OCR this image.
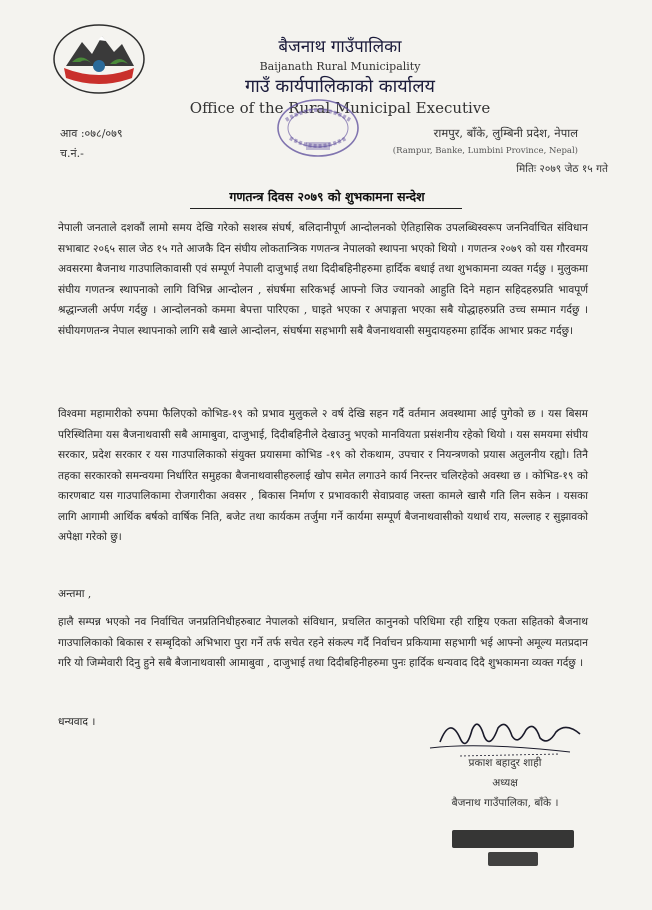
बैजनाथ गाउँपालिका
Baijanath Rural Municipality
गाउँ कार्यपालिकाको कार्यालय
Office of the Rural Municipal Executive
आव :०७८/०७९
च.नं.-
रामपुर, बाँके, लुम्बिनी प्रदेश, नेपाल
(Rampur, Banke, Lumbini Province, Nepal)
मितिः २०७९ जेठ १५ गते
गणतन्त्र दिवस २०७९ को शुभकामना सन्देश
नेपाली जनताले दशकौं लामो समय देखि गरेको सशस्त्र संघर्ष, बलिदानीपूर्ण आन्दोलनको ऐतिहासिक उपलब्धिस्वरूप जननिर्वाचित संविधान सभाबाट २०६५ साल जेठ १५ गते आजकै दिन संघीय लोकतान्त्रिक गणतन्त्र नेपालको स्थापना भएको थियो । गणतन्त्र २०७९ को यस गौरवमय अवसरमा बैजनाथ गाउपालिकावासी एवं सम्पूर्ण नेपाली दाजुभाई तथा दिदीबहिनीहरुमा हार्दिक बधाई तथा शुभकामना व्यक्त गर्दछु । मुलुकमा संघीय गणतन्त्र स्थापनाको लागि विभिन्न आन्दोलन , संघर्षमा सरिकभई आफ्नो जिउ ज्यानको आहुति दिने महान सहिदहरुप्रति भावपूर्ण श्रद्धान्जली अर्पण गर्दछु । आन्दोलनको कममा बेपत्ता पारिएका , घाइते भएका र अपाङ्गता भएका सबै योद्धाहरुप्रति उच्च सम्मान गर्दछु । संघीयगणतन्त्र नेपाल स्थापनाको लागि सबै खाले आन्दोलन, संघर्षमा सहभागी सबै बैजनाथवासी समुदायहरुमा हार्दिक आभार प्रकट गर्दछु।
विश्वमा महामारीको रुपमा फैलिएको कोभिड-१९ को प्रभाव मुलुकले २ वर्ष देखि सहन गर्दै वर्तमान अवस्थामा आई पुगेको छ । यस बिसम परिस्थितिमा यस बैजनाथवासी सबै आमाबुवा, दाजुभाई, दिदीबहिनीले देखाउनु भएको मानवियता प्रसंशनीय रहेको थियो । यस समयमा संघीय सरकार, प्रदेश सरकार र यस गाउपालिकाको संयुक्त प्रयासमा कोभिड -१९ को रोकथाम, उपचार र नियन्त्रणको प्रयास अतुलनीय रह्यो। तिनै तहका सरकारको समन्वयमा निर्धारित समुहका बैजनाथवासीहरुलाई खोप समेत लगाउने कार्य निरन्तर चलिरहेको अवस्था छ । कोभिड-१९ को कारणबाट यस गाउपालिकामा रोजगारीका अवसर , बिकास निर्माण र प्रभावकारी सेवाप्रवाह जस्ता कामले खासै गति लिन सकेन । यसका लागि आगामी आर्थिक बर्षको वार्षिक निति, बजेट तथा कार्यकम तर्जुमा गर्ने कार्यमा सम्पूर्ण बैजनाथवासीको यथार्थ राय, सल्लाह र सुझावको अपेक्षा गरेको छु।
अन्तमा ,
हालै सम्पन्न भएको नव निर्वाचित जनप्रतिनिधीहरुबाट नेपालको संविधान, प्रचलित कानुनको परिधिमा रही राष्ट्रिय एकता सहितको बैजनाथ गाउपालिकाको बिकास र सम्बृदिको अभिभारा पुरा गर्ने तर्फ सचेत रहने संकल्प गर्दै निर्वाचन प्रकियामा सहभागी भई आफ्नो अमूल्य मतप्रदान गरि यो जिम्मेवारी दिनु हुने सबै बैजानाथवासी आमाबुवा , दाजुभाई तथा दिदीबहिनीहरुमा पुनः हार्दिक धन्यवाद दिदै शुभकामना व्यक्त गर्दछु ।
धन्यवाद ।
प्रकाश बहादुर शाही
अध्यक्ष
बैजनाथ गाउँपालिका, बाँके ।
